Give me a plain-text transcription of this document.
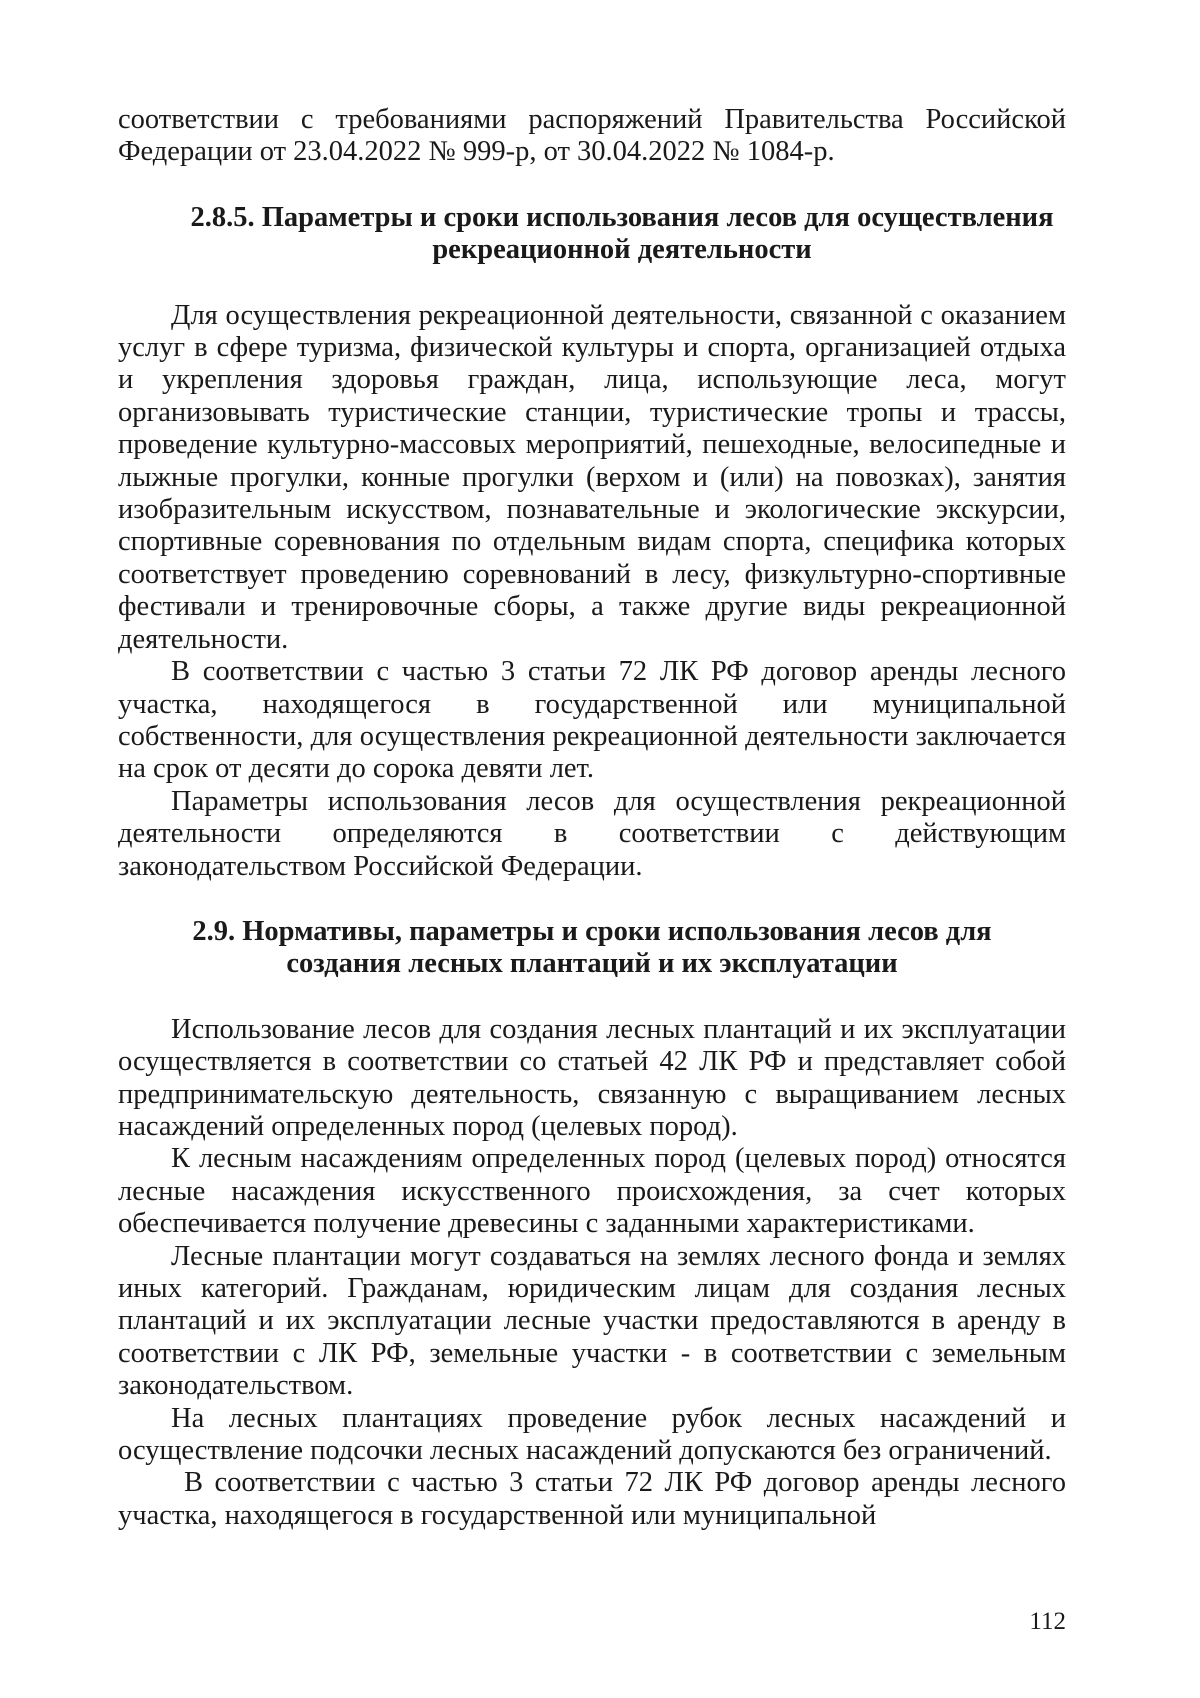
соответствии с требованиями распоряжений Правительства Российской Федерации от 23.04.2022 № 999-р, от 30.04.2022 № 1084-р.

2.8.5. Параметры и сроки использования лесов для осуществления
рекреационной деятельности

Для осуществления рекреационной деятельности, связанной с оказанием услуг в сфере туризма, физической культуры и спорта, организацией отдыха и укрепления здоровья граждан, лица, использующие леса, могут организовывать туристические станции, туристические тропы и трассы, проведение культурно-массовых мероприятий, пешеходные, велосипедные и лыжные прогулки, конные прогулки (верхом и (или) на повозках), занятия изобразительным искусством, познавательные и экологические экскурсии, спортивные соревнования по отдельным видам спорта, специфика которых соответствует проведению соревнований в лесу, физкультурно-спортивные фестивали и тренировочные сборы, а также другие виды рекреационной деятельности.

В соответствии с частью 3 статьи 72 ЛК РФ договор аренды лесного участка, находящегося в государственной или муниципальной собственности, для осуществления рекреационной деятельности заключается на срок от десяти до сорока девяти лет.

Параметры использования лесов для осуществления рекреационной деятельности определяются в соответствии с действующим законодательством Российской Федерации.

2.9. Нормативы, параметры и сроки использования лесов для
создания лесных плантаций и их эксплуатации

Использование лесов для создания лесных плантаций и их эксплуатации осуществляется в соответствии со статьей 42 ЛК РФ и представляет собой предпринимательскую деятельность, связанную с выращиванием лесных насаждений определенных пород (целевых пород).

К лесным насаждениям определенных пород (целевых пород) относятся лесные насаждения искусственного происхождения, за счет которых обеспечивается получение древесины с заданными характеристиками.

Лесные плантации могут создаваться на землях лесного фонда и землях иных категорий. Гражданам, юридическим лицам для создания лесных плантаций и их эксплуатации лесные участки предоставляются в аренду в соответствии с ЛК РФ, земельные участки - в соответствии с земельным законодательством.

На лесных плантациях проведение рубок лесных насаждений и осуществление подсочки лесных насаждений допускаются без ограничений.

В соответствии с частью 3 статьи 72 ЛК РФ договор аренды лесного участка, находящегося в государственной или муниципальной

112
